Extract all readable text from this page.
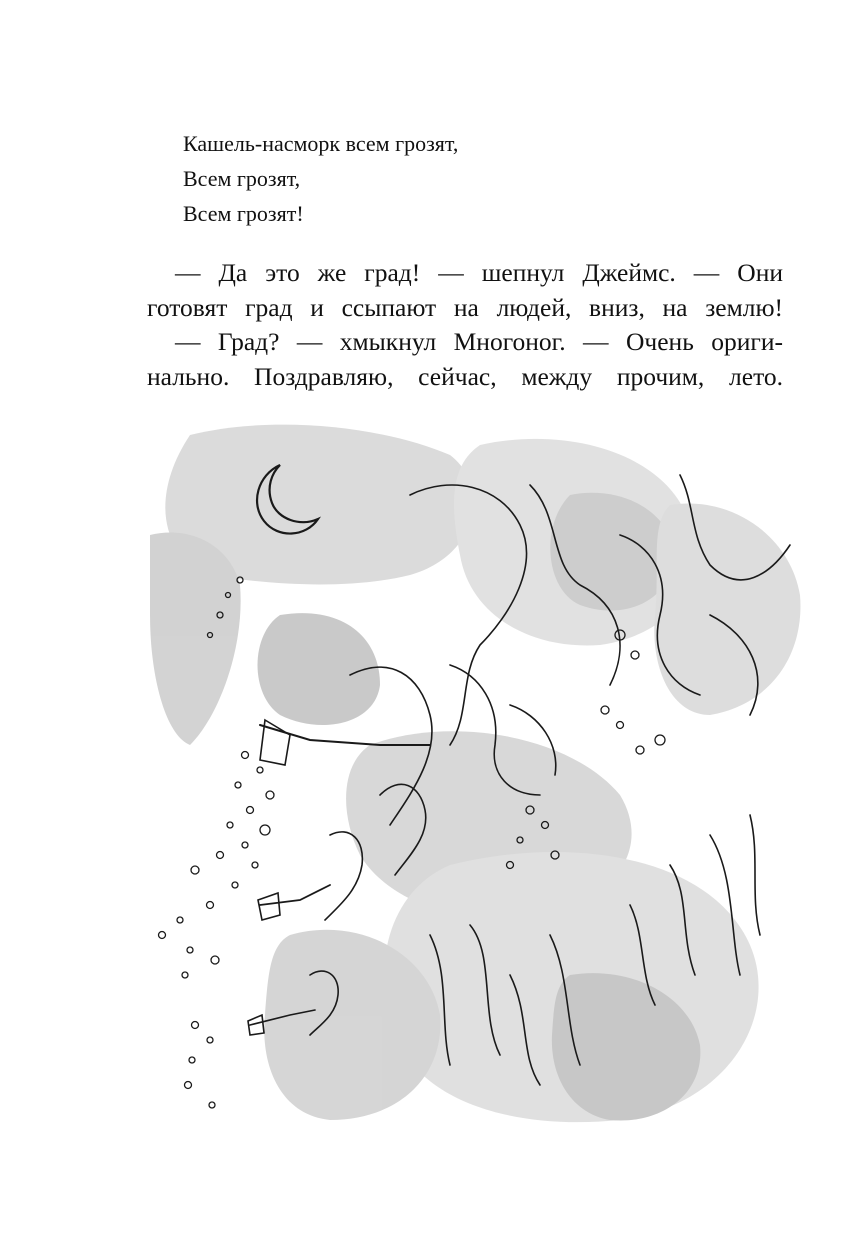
Кашель-насморк всем грозят,
Всем грозят,
Всем грозят!
— Да это же град! — шепнул Джеймс. — Они
готовят град и ссыпают на людей, вниз, на землю!
— Град? — хмыкнул Многоног. — Очень ориги-
нально. Поздравляю, сейчас, между прочим, лето.
